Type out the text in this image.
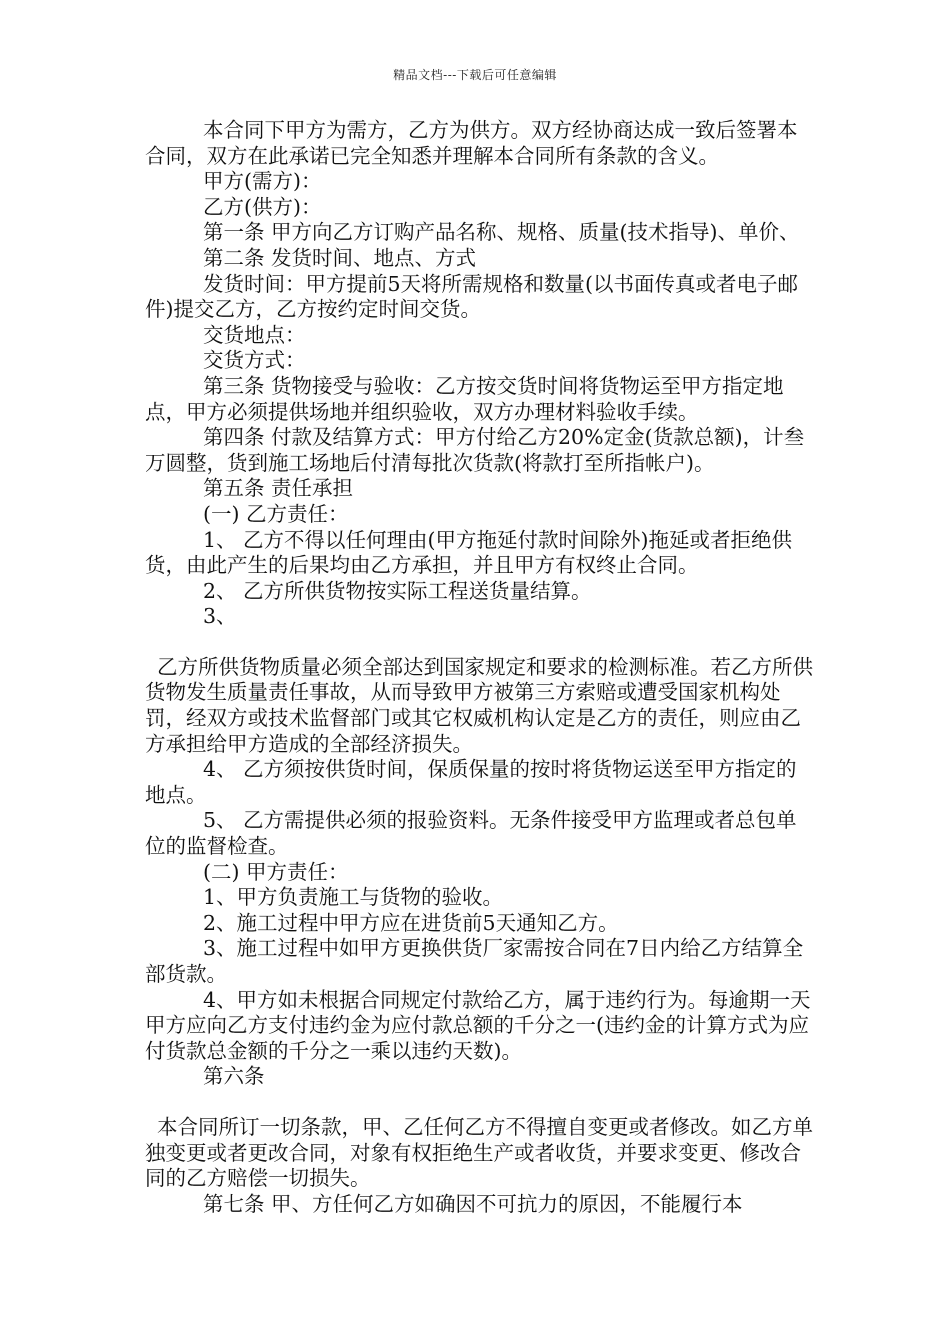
精品文档---下载后可任意编辑

本合同下甲方为需方，乙方为供方。双方经协商达成一致后签署本合同，双方在此承诺已完全知悉并理解本合同所有条款的含义。

甲方(需方)：

乙方(供方)：

第一条 甲方向乙方订购产品名称、规格、质量(技术指导)、单价、

第二条 发货时间、地点、方式

发货时间：甲方提前5天将所需规格和数量(以书面传真或者电子邮件)提交乙方，乙方按约定时间交货。

交货地点：

交货方式：

第三条 货物接受与验收：乙方按交货时间将货物运至甲方指定地点，甲方必须提供场地并组织验收，双方办理材料验收手续。

第四条 付款及结算方式：甲方付给乙方20%定金(货款总额)，计叁万圆整，货到施工场地后付清每批次货款(将款打至所指帐户)。

第五条 责任承担

(一) 乙方责任：

1、 乙方不得以任何理由(甲方拖延付款时间除外)拖延或者拒绝供货，由此产生的后果均由乙方承担，并且甲方有权终止合同。

2、 乙方所供货物按实际工程送货量结算。

3、

乙方所供货物质量必须全部达到国家规定和要求的检测标准。若乙方所供货物发生质量责任事故，从而导致甲方被第三方索赔或遭受国家机构处罚，经双方或技术监督部门或其它权威机构认定是乙方的责任，则应由乙方承担给甲方造成的全部经济损失。

4、 乙方须按供货时间，保质保量的按时将货物运送至甲方指定的地点。

5、 乙方需提供必须的报验资料。无条件接受甲方监理或者总包单位的监督检查。

(二) 甲方责任：

1、甲方负责施工与货物的验收。

2、施工过程中甲方应在进货前5天通知乙方。

3、施工过程中如甲方更换供货厂家需按合同在7日内给乙方结算全部货款。

4、甲方如未根据合同规定付款给乙方，属于违约行为。每逾期一天甲方应向乙方支付违约金为应付款总额的千分之一(违约金的计算方式为应付货款总金额的千分之一乘以违约天数)。

第六条

本合同所订一切条款，甲、乙任何乙方不得擅自变更或者修改。如乙方单独变更或者更改合同，对象有权拒绝生产或者收货，并要求变更、修改合同的乙方赔偿一切损失。

第七条 甲、方任何乙方如确因不可抗力的原因，不能履行本
